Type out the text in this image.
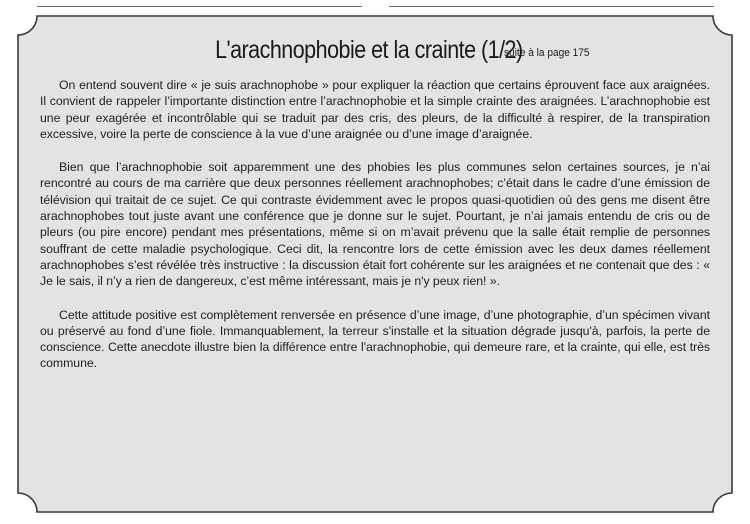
L'arachnophobie et la crainte (1/2) suite à la page 175

On entend souvent dire « je suis arachnophobe » pour expliquer la réaction que certains éprouvent face aux araignées. Il convient de rappeler l’importante distinction entre l’arachnophobie et la simple crainte des araignées. L’arachnophobie est une peur exagérée et incontrôlable qui se traduit par des cris, des pleurs, de la difficulté à respirer, de la transpiration excessive, voire la perte de conscience à la vue d’une araignée ou d’une image d’araignée.

Bien que l’arachnophobie soit apparemment une des phobies les plus communes selon certaines sources, je n’ai rencontré au cours de ma carrière que deux personnes réellement arachnophobes; c’était dans le cadre d’une émission de télévision qui traitait de ce sujet. Ce qui contraste évidemment avec le propos quasi-quotidien où des gens me disent être arachnophobes tout juste avant une conférence que je donne sur le sujet. Pourtant, je n’ai jamais entendu de cris ou de pleurs (ou pire encore) pendant mes présentations, même si on m’avait prévenu que la salle était remplie de personnes souffrant de cette maladie psychologique. Ceci dit, la rencontre lors de cette émission avec les deux dames réellement arachnophobes s’est révélée très instructive : la discussion était fort cohérente sur les araignées et ne contenait que des : « Je le sais, il n’y a rien de dangereux, c’est même intéressant, mais je n'y peux rien! ».

Cette attitude positive est complètement renversée en présence d’une image, d’une photographie, d’un spécimen vivant ou préservé au fond d’une fiole. Immanquablement, la terreur s'installe et la situation dégrade jusqu'à, parfois, la perte de conscience. Cette anecdote illustre bien la différence entre l'arachnophobie, qui demeure rare, et la crainte, qui elle, est très commune.
